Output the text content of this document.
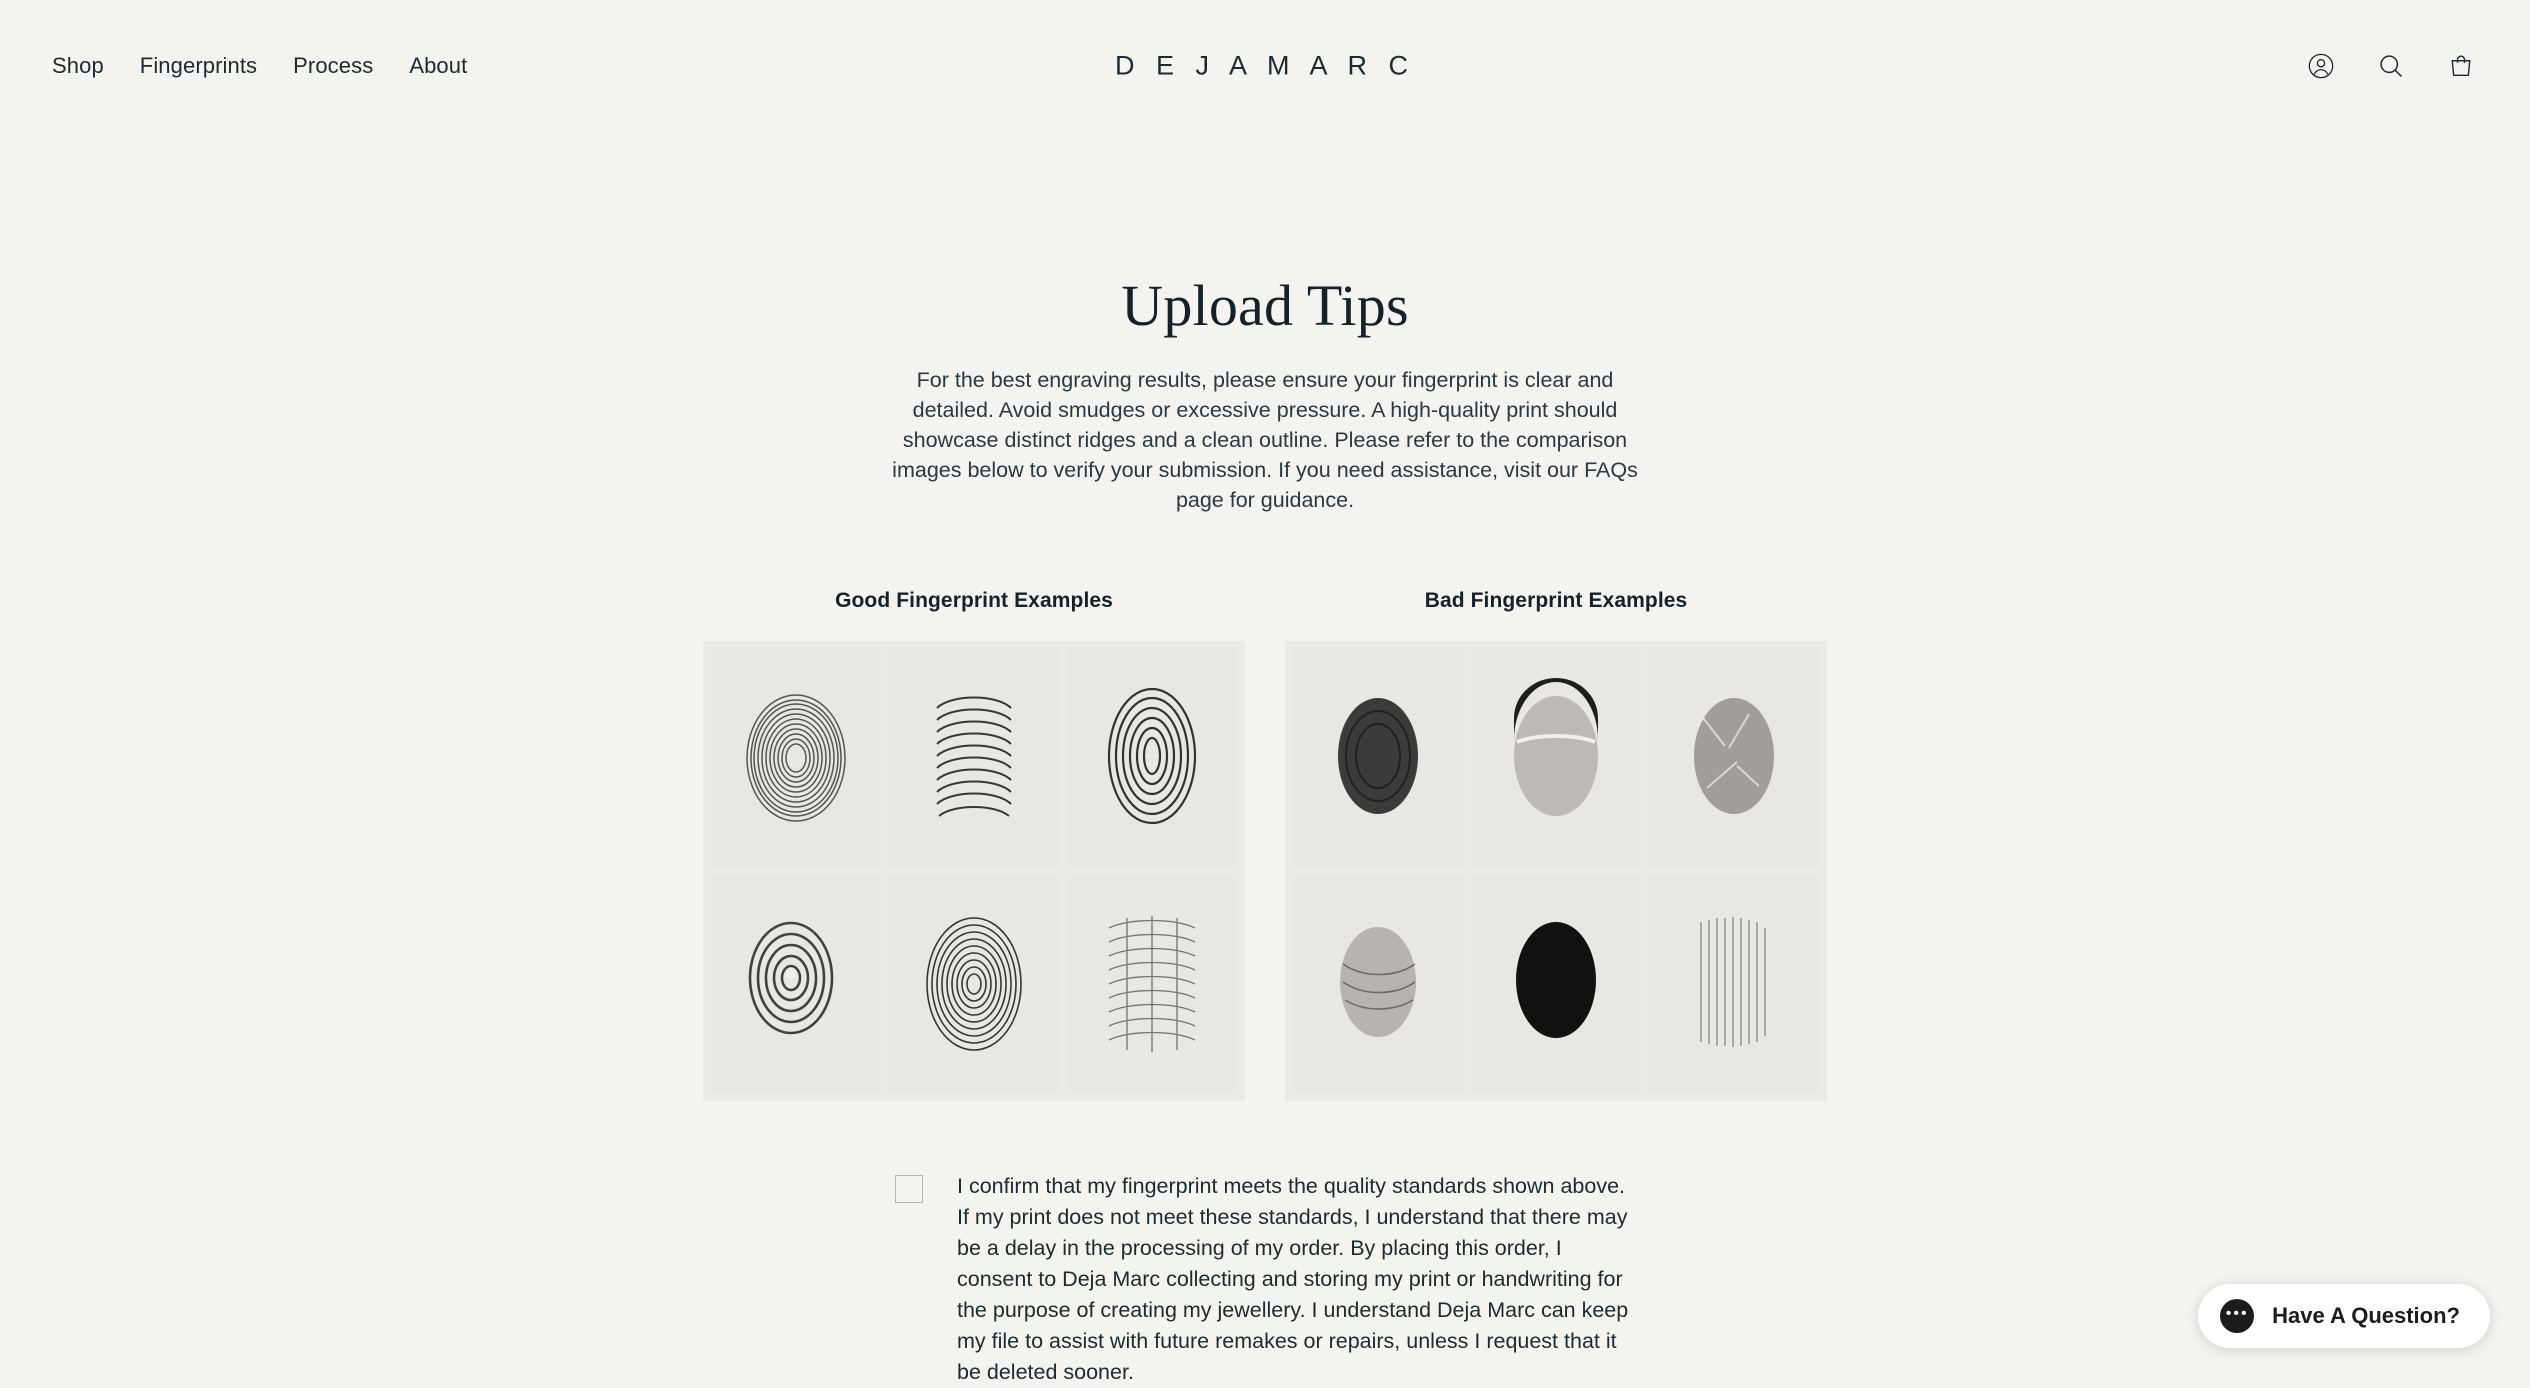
Shop Fingerprints Process About	D E J A M A R C
Upload Tips

For the best engraving results, please ensure your fingerprint is clear and detailed. Avoid smudges or excessive pressure. A high-quality print should showcase distinct ridges and a clean outline. Please refer to the comparison images below to verify your submission. If you need assistance, visit our FAQs page for guidance.

Good Fingerprint Examples	Bad Fingerprint Examples
I confirm that my fingerprint meets the quality standards shown above. If my print does not meet these standards, I understand that there may be a delay in the processing of my order. By placing this order, I consent to Deja Marc collecting and storing my print or handwriting for the purpose of creating my jewellery. I understand Deja Marc can keep my file to assist with future remakes or repairs, unless I request that it be deleted sooner.
••• Have A Question?
